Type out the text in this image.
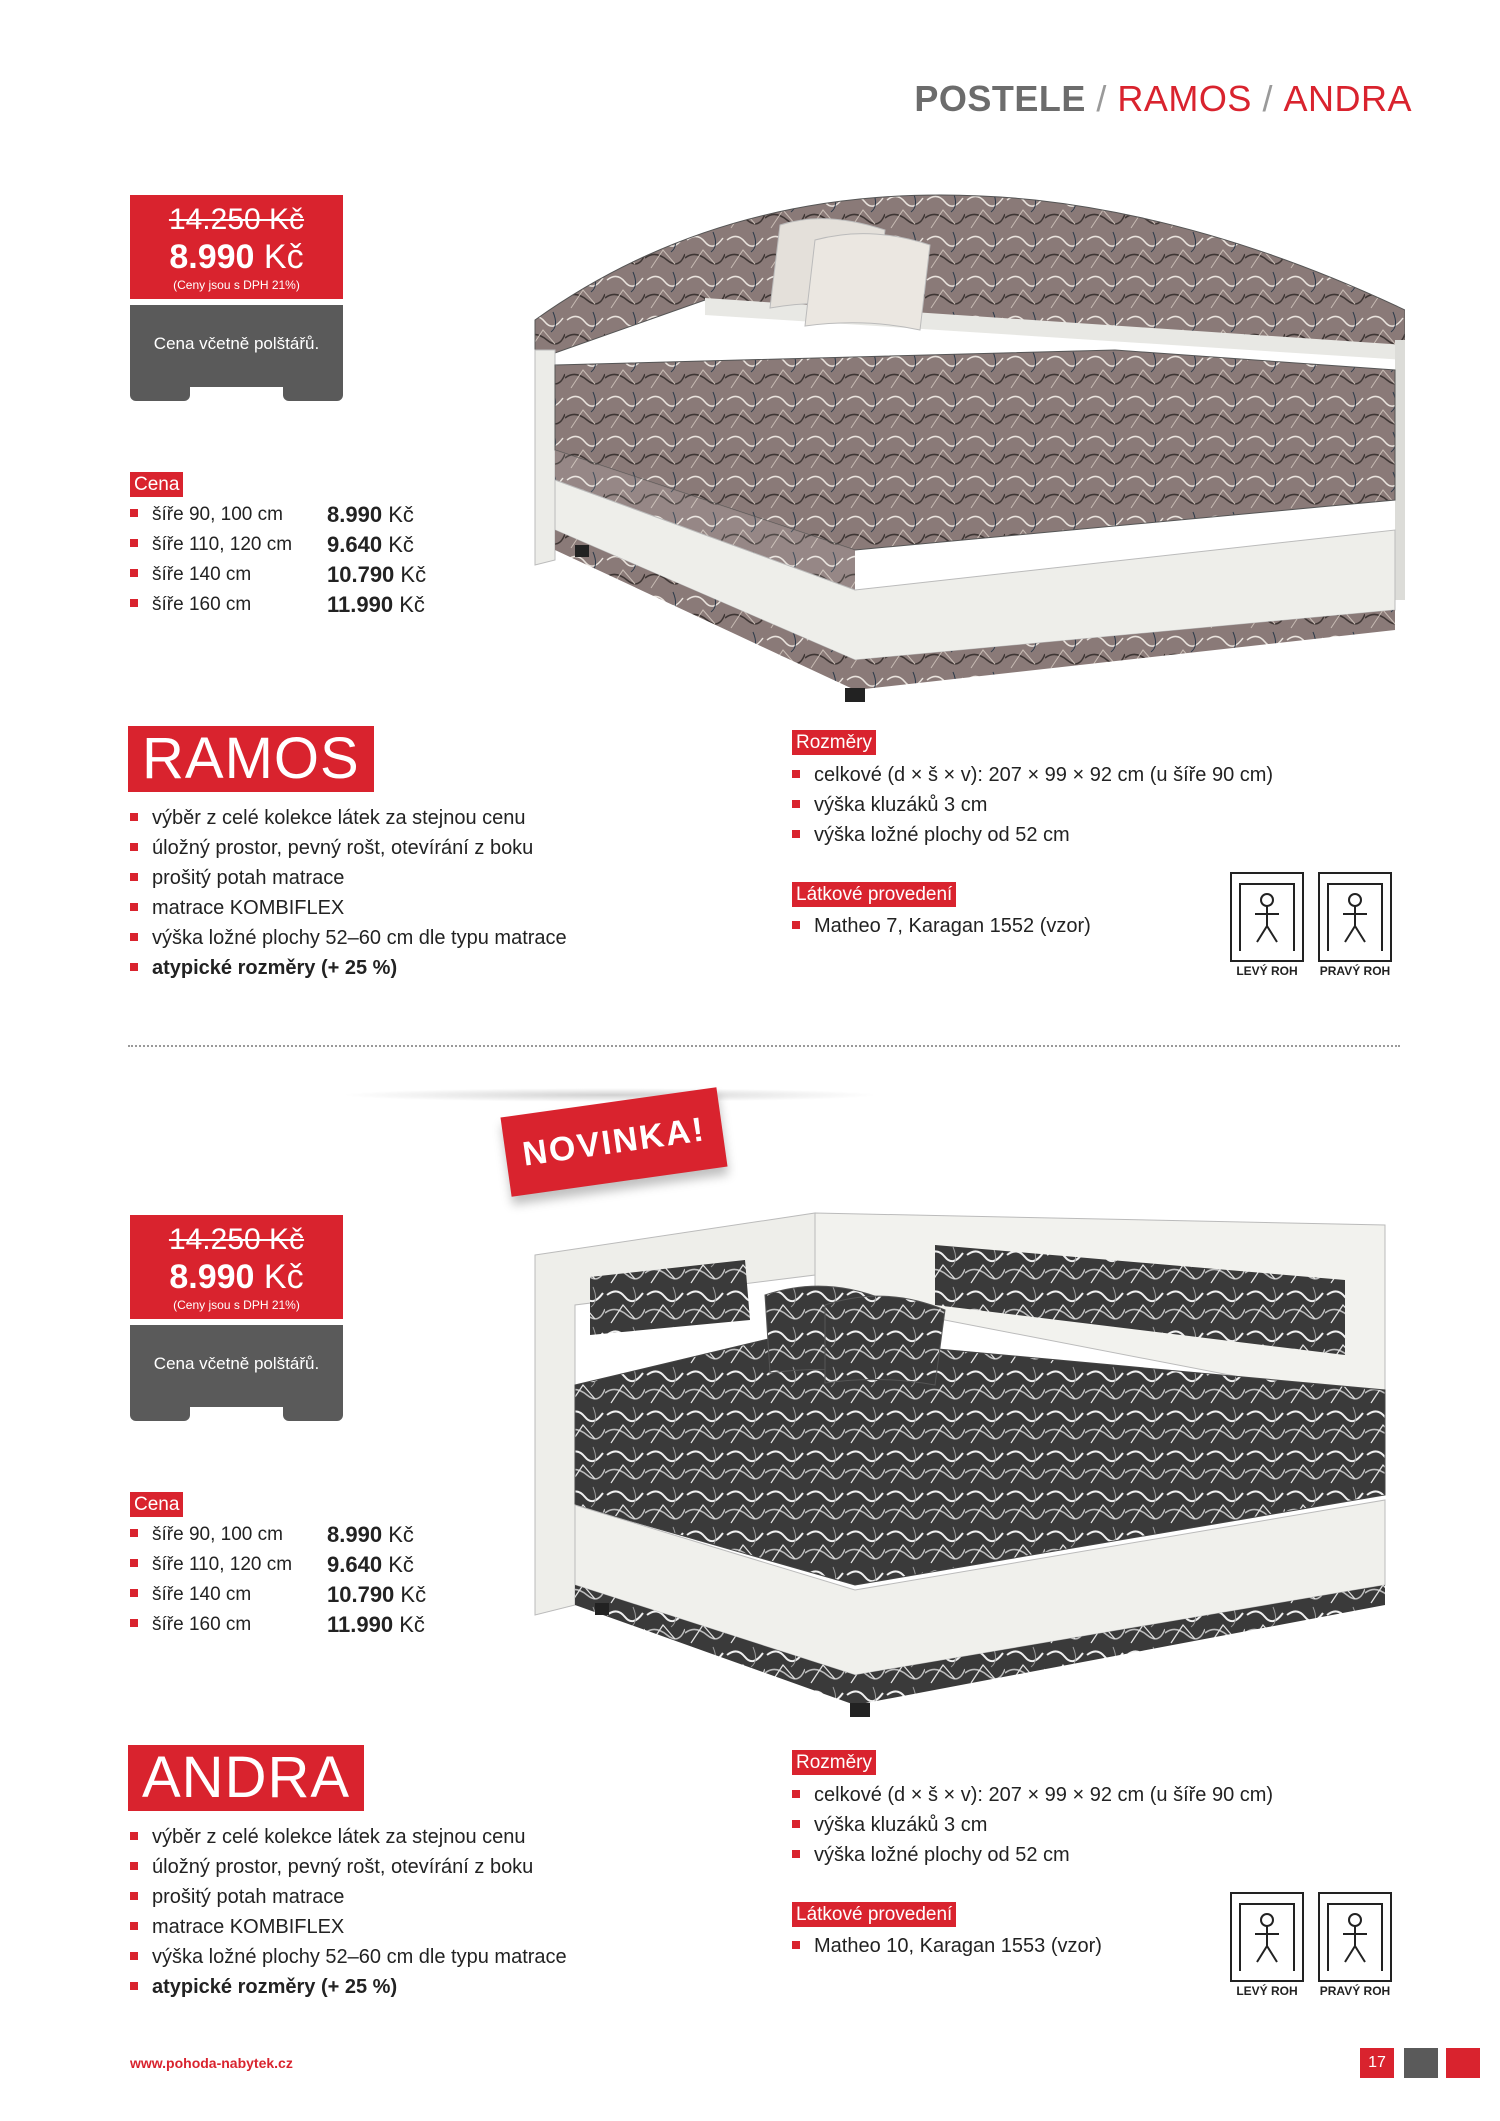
POSTELE / RAMOS / ANDRA
14.250 Kč
8.990 Kč
(Ceny jsou s DPH 21%)
Cena včetně polštářů.
Cena
šíře 90, 100 cm 8.990 Kč
šíře 110, 120 cm 9.640 Kč
šíře 140 cm	10.790 Kč
šíře 160 cm	11.990 Kč
RAMOS
výběr z celé kolekce látek za stejnou cenu
úložný prostor, pevný rošt, otevírání z boku
prošitý potah matrace
matrace KOMBIFLEX
výška ložné plochy 52–60 cm dle typu matrace
atypické rozměry (+ 25 %)
Rozměry
celkové (d × š × v): 207 × 99 × 92 cm (u šíře 90 cm)
výška kluzáků 3 cm
výška ložné plochy od 52 cm
Látkové provedení
Matheo 7, Karagan 1552 (vzor)
LEVÝ ROH	PRAVÝ ROH
NOVINKA!
14.250 Kč
8.990 Kč
(Ceny jsou s DPH 21%)
Cena včetně polštářů.
Cena
šíře 90, 100 cm 8.990 Kč
šíře 110, 120 cm 9.640 Kč
šíře 140 cm	10.790 Kč
šíře 160 cm	11.990 Kč
ANDRA
výběr z celé kolekce látek za stejnou cenu
úložný prostor, pevný rošt, otevírání z boku
prošitý potah matrace
matrace KOMBIFLEX
výška ložné plochy 52–60 cm dle typu matrace
atypické rozměry (+ 25 %)
Rozměry
celkové (d × š × v): 207 × 99 × 92 cm (u šíře 90 cm)
výška kluzáků 3 cm
výška ložné plochy od 52 cm
Látkové provedení
Matheo 10, Karagan 1553 (vzor)
LEVÝ ROH	PRAVÝ ROH
www.pohoda-nabytek.cz	17
